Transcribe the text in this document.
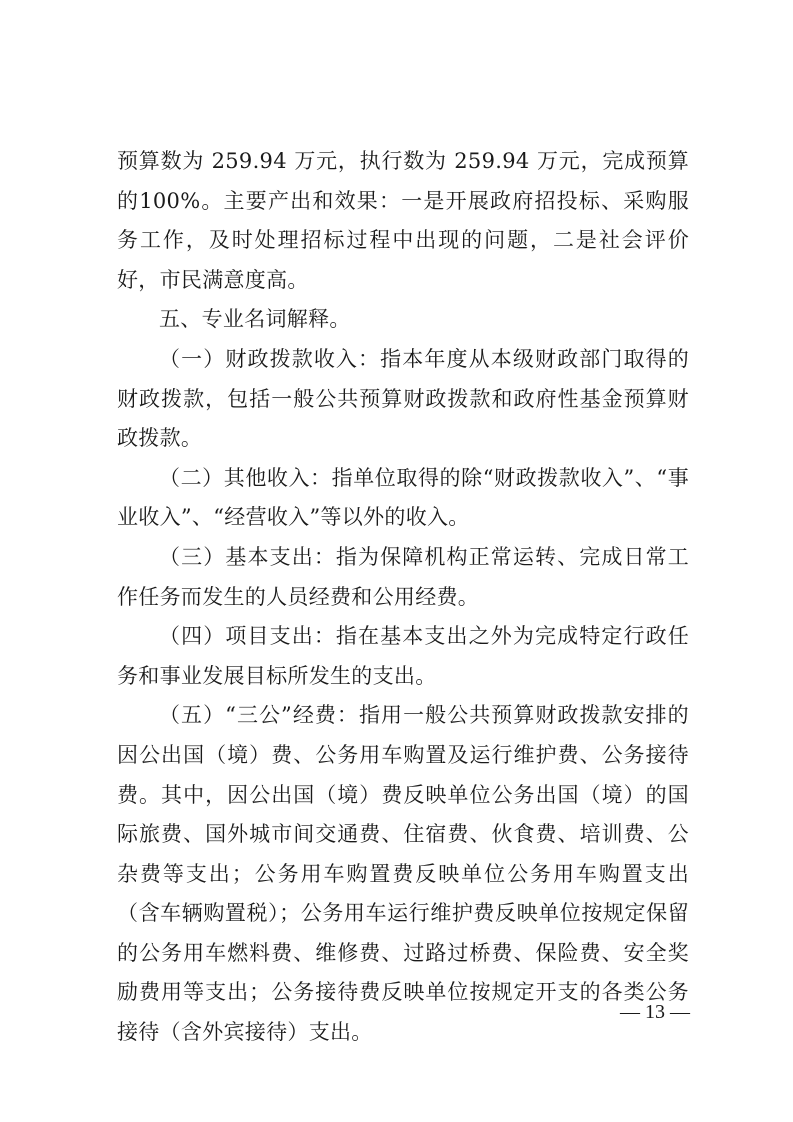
预算数为 259.94 万元，执行数为 259.94 万元，完成预算的100%。主要产出和效果：一是开展政府招投标、采购服务工作，及时处理招标过程中出现的问题，二是社会评价好，市民满意度高。

五、专业名词解释。

（一）财政拨款收入：指本年度从本级财政部门取得的财政拨款，包括一般公共预算财政拨款和政府性基金预算财政拨款。

（二）其他收入：指单位取得的除“财政拨款收入”、“事业收入”、“经营收入”等以外的收入。

（三）基本支出：指为保障机构正常运转、完成日常工作任务而发生的人员经费和公用经费。

（四）项目支出：指在基本支出之外为完成特定行政任务和事业发展目标所发生的支出。

（五）“三公”经费：指用一般公共预算财政拨款安排的因公出国（境）费、公务用车购置及运行维护费、公务接待费。其中，因公出国（境）费反映单位公务出国（境）的国际旅费、国外城市间交通费、住宿费、伙食费、培训费、公杂费等支出；公务用车购置费反映单位公务用车购置支出（含车辆购置税）；公务用车运行维护费反映单位按规定保留的公务用车燃料费、维修费、过路过桥费、保险费、安全奖励费用等支出；公务接待费反映单位按规定开支的各类公务接待（含外宾接待）支出。

— 13 —
